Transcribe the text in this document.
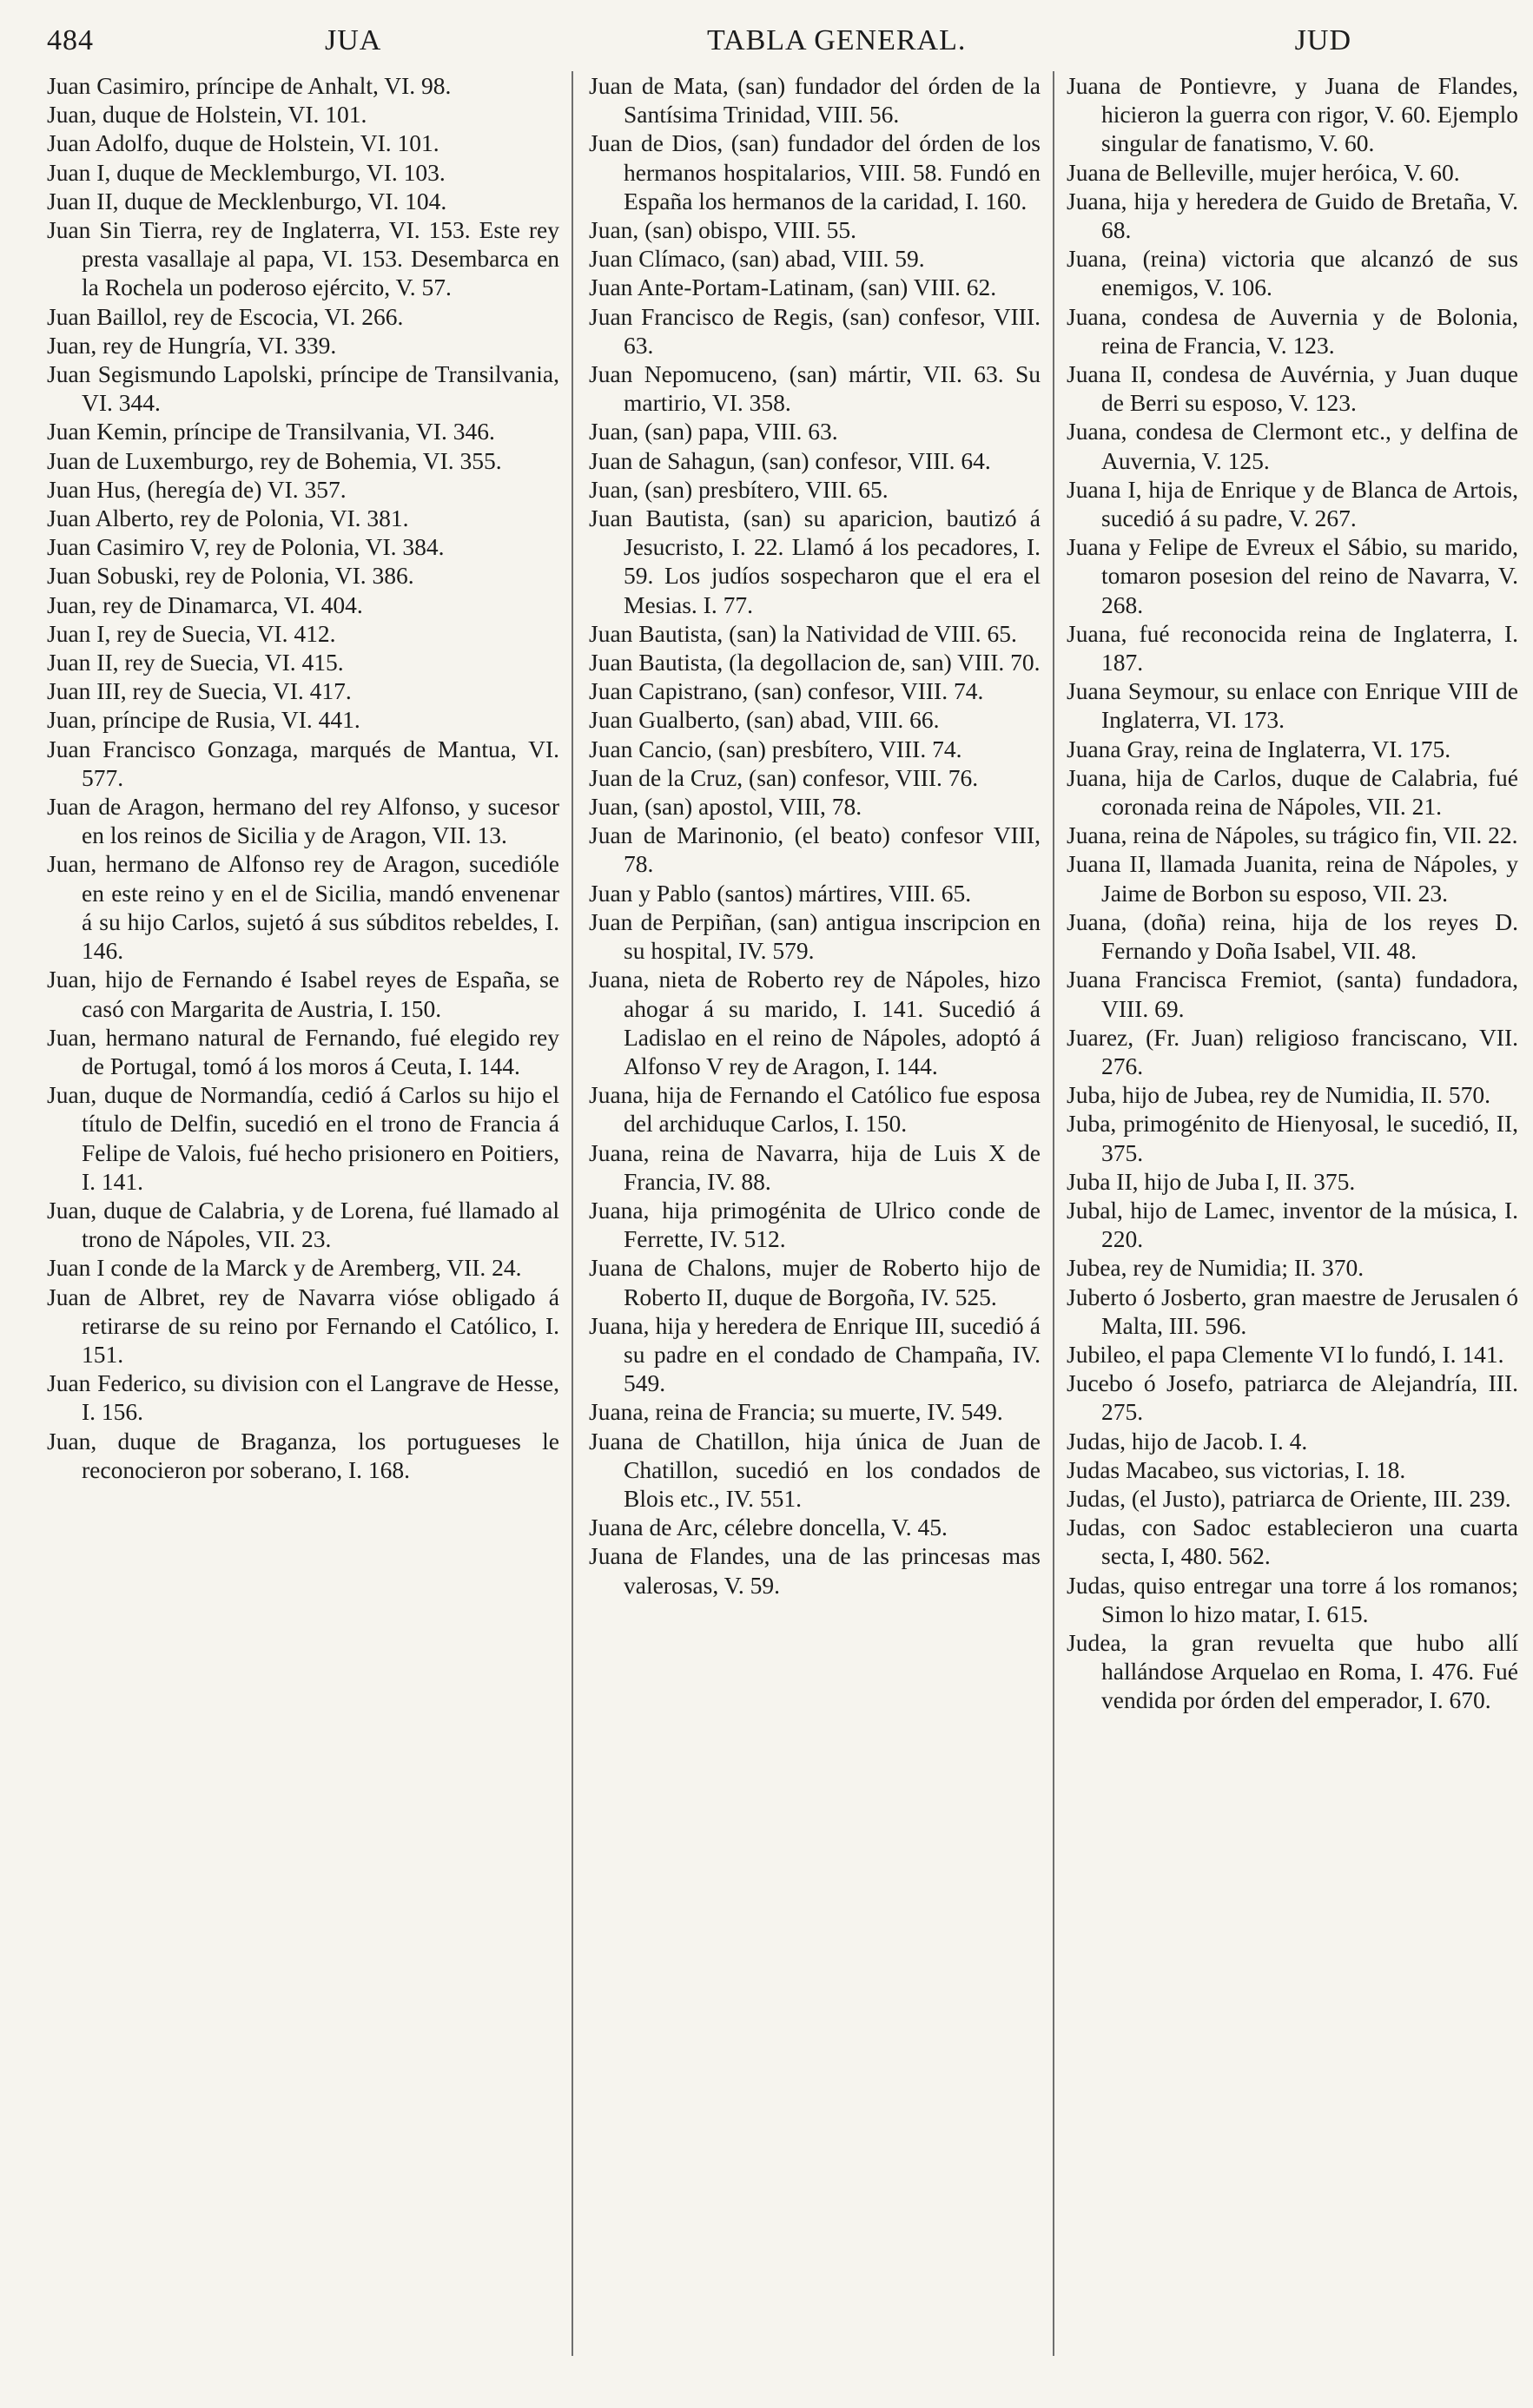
484	JUA	TABLA GENERAL.	JUD

Juan Casimiro, príncipe de Anhalt, VI. 98.

Juan, duque de Holstein, VI. 101.

Juan Adolfo, duque de Holstein, VI. 101.

Juan I, duque de Mecklemburgo, VI. 103.

Juan II, duque de Mecklenburgo, VI. 104.

Juan Sin Tierra, rey de Inglaterra, VI. 153. Este rey presta vasallaje al papa, VI. 153. Desembarca en la Rochela un poderoso ejército, V. 57.

Juan Baillol, rey de Escocia, VI. 266.

Juan, rey de Hungría, VI. 339.

Juan Segismundo Lapolski, príncipe de Transilvania, VI. 344.

Juan Kemin, príncipe de Transilvania, VI. 346.

Juan de Luxemburgo, rey de Bohemia, VI. 355.

Juan Hus, (heregía de) VI. 357.

Juan Alberto, rey de Polonia, VI. 381.

Juan Casimiro V, rey de Polonia, VI. 384.

Juan Sobuski, rey de Polonia, VI. 386.

Juan, rey de Dinamarca, VI. 404.

Juan I, rey de Suecia, VI. 412.

Juan II, rey de Suecia, VI. 415.

Juan III, rey de Suecia, VI. 417.

Juan, príncipe de Rusia, VI. 441.

Juan Francisco Gonzaga, marqués de Mantua, VI. 577.

Juan de Aragon, hermano del rey Alfonso, y sucesor en los reinos de Sicilia y de Aragon, VII. 13.

Juan, hermano de Alfonso rey de Aragon, sucedióle en este reino y en el de Sicilia, mandó envenenar á su hijo Carlos, sujetó á sus súbditos rebeldes, I. 146.

Juan, hijo de Fernando é Isabel reyes de España, se casó con Margarita de Austria, I. 150.

Juan, hermano natural de Fernando, fué elegido rey de Portugal, tomó á los moros á Ceuta, I. 144.

Juan, duque de Normandía, cedió á Carlos su hijo el título de Delfin, sucedió en el trono de Francia á Felipe de Valois, fué hecho prisionero en Poitiers, I. 141.

Juan, duque de Calabria, y de Lorena, fué llamado al trono de Nápoles, VII. 23.

Juan I conde de la Marck y de Aremberg, VII. 24.

Juan de Albret, rey de Navarra vióse obligado á retirarse de su reino por Fernando el Católico, I. 151.

Juan Federico, su division con el Langrave de Hesse, I. 156.

Juan, duque de Braganza, los portugueses le reconocieron por soberano, I. 168.

Juan de Mata, (san) fundador del órden de la Santísima Trinidad, VIII. 56.

Juan de Dios, (san) fundador del órden de los hermanos hospitalarios, VIII. 58. Fundó en España los hermanos de la caridad, I. 160.

Juan, (san) obispo, VIII. 55.

Juan Clímaco, (san) abad, VIII. 59.

Juan Ante-Portam-Latinam, (san) VIII. 62.

Juan Francisco de Regis, (san) confesor, VIII. 63.

Juan Nepomuceno, (san) mártir, VII. 63. Su martirio, VI. 358.

Juan, (san) papa, VIII. 63.

Juan de Sahagun, (san) confesor, VIII. 64.

Juan, (san) presbítero, VIII. 65.

Juan Bautista, (san) su aparicion, bautizó á Jesucristo, I. 22. Llamó á los pecadores, I. 59. Los judíos sospecharon que el era el Mesias. I. 77.

Juan Bautista, (san) la Natividad de VIII. 65.

Juan Bautista, (la degollacion de, san) VIII. 70.

Juan Capistrano, (san) confesor, VIII. 74.

Juan Gualberto, (san) abad, VIII. 66.

Juan Cancio, (san) presbítero, VIII. 74.

Juan de la Cruz, (san) confesor, VIII. 76.

Juan, (san) apostol, VIII, 78.

Juan de Marinonio, (el beato) confesor VIII, 78.

Juan y Pablo (santos) mártires, VIII. 65.

Juan de Perpiñan, (san) antigua inscripcion en su hospital, IV. 579.

Juana, nieta de Roberto rey de Nápoles, hizo ahogar á su marido, I. 141. Sucedió á Ladislao en el reino de Nápoles, adoptó á Alfonso V rey de Aragon, I. 144.

Juana, hija de Fernando el Católico fue esposa del archiduque Carlos, I. 150.

Juana, reina de Navarra, hija de Luis X de Francia, IV. 88.

Juana, hija primogénita de Ulrico conde de Ferrette, IV. 512.

Juana de Chalons, mujer de Roberto hijo de Roberto II, duque de Borgoña, IV. 525.

Juana, hija y heredera de Enrique III, sucedió á su padre en el condado de Champaña, IV. 549.

Juana, reina de Francia; su muerte, IV. 549.

Juana de Chatillon, hija única de Juan de Chatillon, sucedió en los condados de Blois etc., IV. 551.

Juana de Arc, célebre doncella, V. 45.

Juana de Flandes, una de las princesas mas valerosas, V. 59.

Juana de Pontievre, y Juana de Flandes, hicieron la guerra con rigor, V. 60. Ejemplo singular de fanatismo, V. 60.

Juana de Belleville, mujer heróica, V. 60.

Juana, hija y heredera de Guido de Bretaña, V. 68.

Juana, (reina) victoria que alcanzó de sus enemigos, V. 106.

Juana, condesa de Auvernia y de Bolonia, reina de Francia, V. 123.

Juana II, condesa de Auvérnia, y Juan duque de Berri su esposo, V. 123.

Juana, condesa de Clermont etc., y delfina de Auvernia, V. 125.

Juana I, hija de Enrique y de Blanca de Artois, sucedió á su padre, V. 267.

Juana y Felipe de Evreux el Sábio, su marido, tomaron posesion del reino de Navarra, V. 268.

Juana, fué reconocida reina de Inglaterra, I. 187.

Juana Seymour, su enlace con Enrique VIII de Inglaterra, VI. 173.

Juana Gray, reina de Inglaterra, VI. 175.

Juana, hija de Carlos, duque de Calabria, fué coronada reina de Nápoles, VII. 21.

Juana, reina de Nápoles, su trágico fin, VII. 22.

Juana II, llamada Juanita, reina de Nápoles, y Jaime de Borbon su esposo, VII. 23.

Juana, (doña) reina, hija de los reyes D. Fernando y Doña Isabel, VII. 48.

Juana Francisca Fremiot, (santa) fundadora, VIII. 69.

Juarez, (Fr. Juan) religioso franciscano, VII. 276.

Juba, hijo de Jubea, rey de Numidia, II. 570.

Juba, primogénito de Hienyosal, le sucedió, II, 375.

Juba II, hijo de Juba I, II. 375.

Jubal, hijo de Lamec, inventor de la música, I. 220.

Jubea, rey de Numidia; II. 370.

Juberto ó Josberto, gran maestre de Jerusalen ó Malta, III. 596.

Jubileo, el papa Clemente VI lo fundó, I. 141.

Jucebo ó Josefo, patriarca de Alejandría, III. 275.

Judas, hijo de Jacob. I. 4.

Judas Macabeo, sus victorias, I. 18.

Judas, (el Justo), patriarca de Oriente, III. 239.

Judas, con Sadoc establecieron una cuarta secta, I, 480. 562.

Judas, quiso entregar una torre á los romanos; Simon lo hizo matar, I. 615.

Judea, la gran revuelta que hubo allí hallándose Arquelao en Roma, I. 476. Fué vendida por órden del emperador, I. 670.
